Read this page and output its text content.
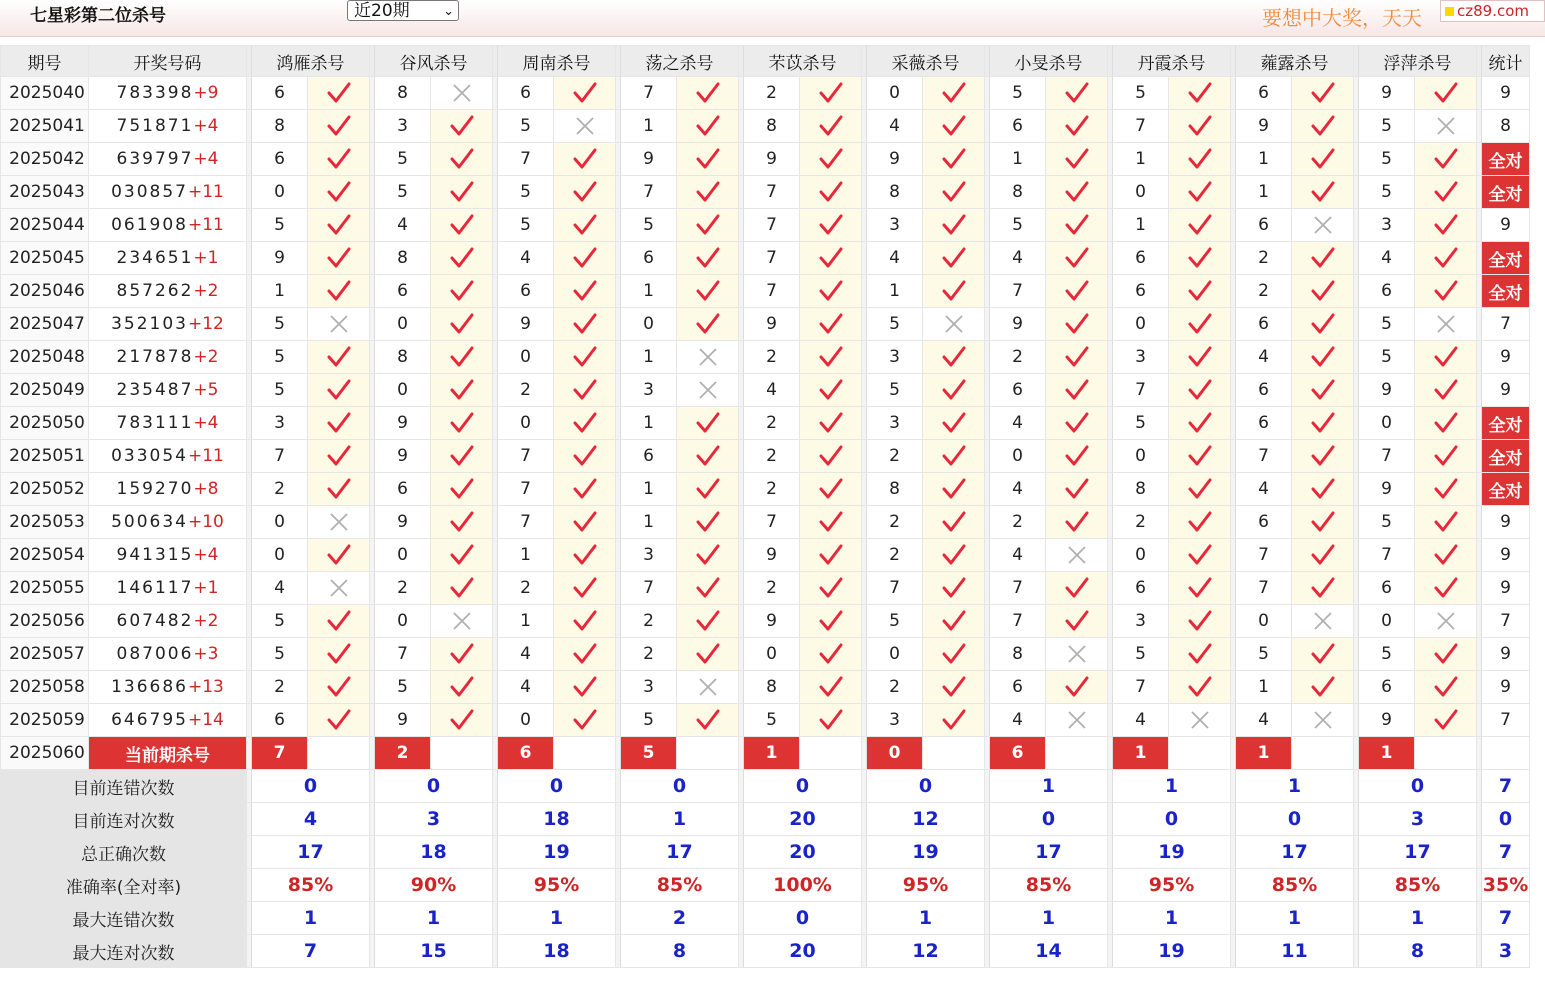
七星彩第二位杀号	近20期	⌄	要想中大奖，天天	cz89.com
期号	开奖号码		鸿雁杀号			谷风杀号			周南杀号			荡之杀号			芣苡杀号			采薇杀号			小旻杀号			丹霞杀号			蕹露杀号			浮萍杀号			统计
2025040	783398+9		6			8			6			7			2			0			5			5			6			9			9
2025041	751871+4		8			3			5			1			8			4			6			7			9			5			8
2025042	639797+4		6			5			7			9			9			9			1			1			1			5			全对
2025043	030857+11		0			5			5			7			7			8			8			0			1			5			全对
2025044	061908+11		5			4			5			5			7			3			5			1			6			3			9
2025045	234651+1		9			8			4			6			7			4			4			6			2			4			全对
2025046	857262+2		1			6			6			1			7			1			7			6			2			6			全对
2025047	352103+12		5			0			9			0			9			5			9			0			6			5			7
2025048	217878+2		5			8			0			1			2			3			2			3			4			5			9
2025049	235487+5		5			0			2			3			4			5			6			7			6			9			9
2025050	783111+4		3			9			0			1			2			3			4			5			6			0			全对
2025051	033054+11		7			9			7			6			2			2			0			0			7			7			全对
2025052	159270+8		2			6			7			1			2			8			4			8			4			9			全对
2025053	500634+10		0			9			7			1			7			2			2			2			6			5			9
2025054	941315+4		0			0			1			3			9			2			4			0			7			7			9
2025055	146117+1		4			2			2			7			2			7			7			6			7			6			9
2025056	607482+2		5			0			1			2			9			5			7			3			0			0			7
2025057	087006+3		5			7			4			2			0			0			8			5			5			5			9
2025058	136686+13		2			5			4			3			8			2			6			7			1			6			9
2025059	646795+14		6			9			0			5			5			3			4			4			4			9			7
2025060	当前期杀号		7			2			6			5			1			0			6			1			1			1			
目前连错次数			0			0			0			0			0			0			1			1			1			0			7
目前连对次数			4			3			18			1			20			12			0			0			0			3			0
总正确次数			17			18			19			17			20			19			17			19			17			17			7
准确率(全对率)			85%			90%			95%			85%			100%			95%			85%			95%			85%			85%			35%
最大连错次数			1			1			1			2			0			1			1			1			1			1			7
最大连对次数			7			15			18			8			20			12			14			19			11			8			3
